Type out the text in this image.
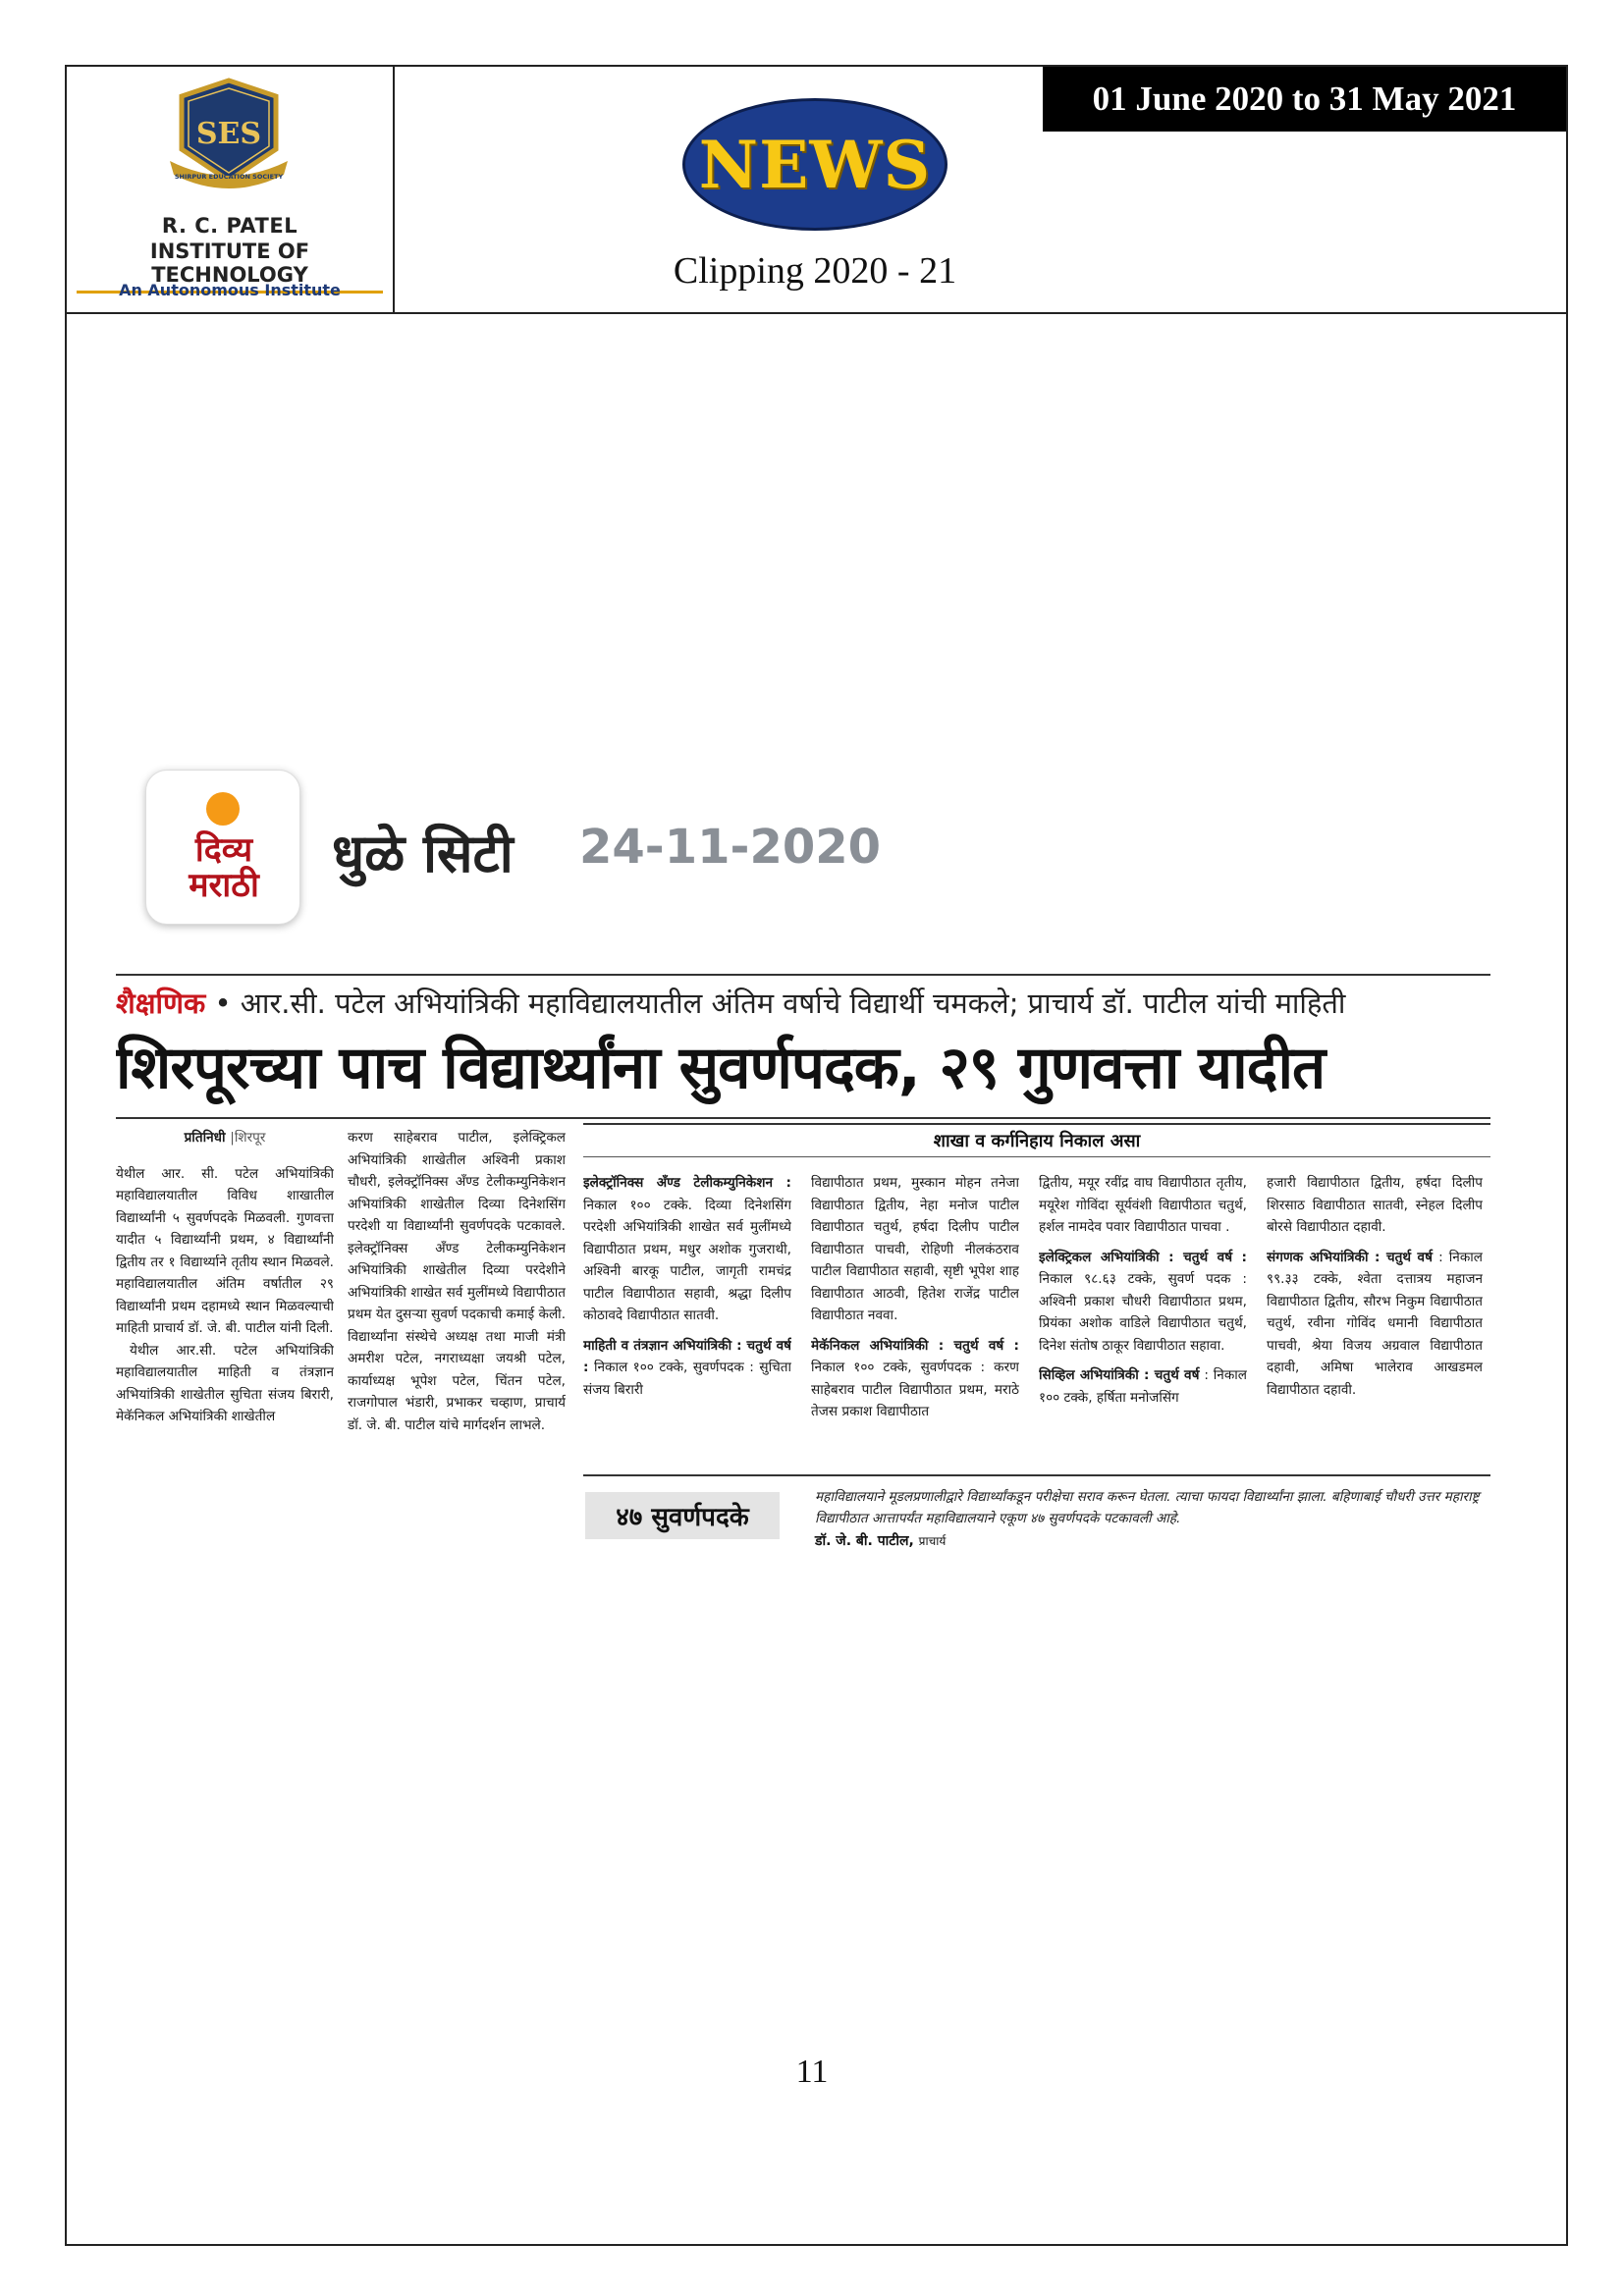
SES
SHIRPUR EDUCATION SOCIETY
R. C. PATEL
INSTITUTE OF TECHNOLOGY
An Autonomous Institute
NEWS
Clipping 2020 - 21
01 June 2020 to 31 May 2021
दिव्य
मराठी
धुळे सिटी 24-11-2020
शैक्षणिक • आर.सी. पटेल अभियांत्रिकी महाविद्यालयातील अंतिम वर्षाचे विद्यार्थी चमकले; प्राचार्य डॉ. पाटील यांची माहिती
शिरपूरच्या पाच विद्यार्थ्यांना सुवर्णपदक, २९ गुणवत्ता यादीत
प्रतिनिधी |शिरपूर

येथील आर. सी. पटेल अभियांत्रिकी महाविद्यालयातील विविध शाखातील विद्यार्थ्यांनी ५ सुवर्णपदके मिळवली. गुणवत्ता यादीत ५ विद्यार्थ्यांनी प्रथम, ४ विद्यार्थ्यांनी द्वितीय तर १ विद्यार्थ्याने तृतीय स्थान मिळवले. महाविद्यालयातील अंतिम वर्षातील २९ विद्यार्थ्यांनी प्रथम दहामध्ये स्थान मिळवल्याची माहिती प्राचार्य डॉ. जे. बी. पाटील यांनी दिली.

येथील आर.सी. पटेल अभियांत्रिकी महाविद्यालयातील माहिती व तंत्रज्ञान अभियांत्रिकी शाखेतील सुचिता संजय बिरारी, मेकॅनिकल अभियांत्रिकी शाखेतील

करण साहेबराव पाटील, इलेक्ट्रिकल अभियांत्रिकी शाखेतील अश्विनी प्रकाश चौधरी, इलेक्ट्रॉनिक्स अँण्ड टेलीकम्युनिकेशन अभियांत्रिकी शाखेतील दिव्या दिनेशसिंग परदेशी या विद्यार्थ्यांनी सुवर्णपदके पटकावले. इलेक्ट्रॉनिक्स अँण्ड टेलीकम्युनिकेशन अभियांत्रिकी शाखेतील दिव्या परदेशीने अभियांत्रिकी शाखेत सर्व मुलींमध्ये विद्यापीठात प्रथम येत दुसऱ्या सुवर्ण पदकाची कमाई केली. विद्यार्थ्यांना संस्थेचे अध्यक्ष तथा माजी मंत्री अमरीश पटेल, नगराध्यक्षा जयश्री पटेल, कार्याध्यक्ष भूपेश पटेल, चिंतन पटेल, राजगोपाल भंडारी, प्रभाकर चव्हाण, प्राचार्य डॉ. जे. बी. पाटील यांचे मार्गदर्शन लाभले.

शाखा व कर्गनिहाय निकाल असा

इलेक्ट्रॉनिक्स अँण्ड टेलीकम्युनिकेशन : निकाल १०० टक्के. दिव्या दिनेशसिंग परदेशी अभियांत्रिकी शाखेत सर्व मुलींमध्ये विद्यापीठात प्रथम, मधुर अशोक गुजराथी, अश्विनी बारकू पाटील, जागृती रामचंद्र पाटील विद्यापीठात सहावी, श्रद्धा दिलीप कोठावदे विद्यापीठात सातवी.

माहिती व तंत्रज्ञान अभियांत्रिकी : चतुर्थ वर्ष : निकाल १०० टक्के, सुवर्णपदक : सुचिता संजय बिरारी

विद्यापीठात प्रथम, मुस्कान मोहन तनेजा विद्यापीठात द्वितीय, नेहा मनोज पाटील विद्यापीठात चतुर्थ, हर्षदा दिलीप पाटील विद्यापीठात पाचवी, रोहिणी नीलकंठराव पाटील विद्यापीठात सहावी, सृष्टी भूपेश शाह विद्यापीठात आठवी, हितेश राजेंद्र पाटील विद्यापीठात नववा.

मेकॅनिकल अभियांत्रिकी : चतुर्थ वर्ष : निकाल १०० टक्के, सुवर्णपदक : करण साहेबराव पाटील विद्यापीठात प्रथम, मराठे तेजस प्रकाश विद्यापीठात

द्वितीय, मयूर रवींद्र वाघ विद्यापीठात तृतीय, मयूरेश गोविंदा सूर्यवंशी विद्यापीठात चतुर्थ, हर्शल नामदेव पवार विद्यापीठात पाचवा .

इलेक्ट्रिकल अभियांत्रिकी : चतुर्थ वर्ष : निकाल ९८.६३ टक्के, सुवर्ण पदक : अश्विनी प्रकाश चौधरी विद्यापीठात प्रथम, प्रियंका अशोक वाडिले विद्यापीठात चतुर्थ, दिनेश संतोष ठाकूर विद्यापीठात सहावा.

सिव्हिल अभियांत्रिकी : चतुर्थ वर्ष : निकाल १०० टक्के, हर्षिता मनोजसिंग

हजारी विद्यापीठात द्वितीय, हर्षदा दिलीप शिरसाठ विद्यापीठात सातवी, स्नेहल दिलीप बोरसे विद्यापीठात दहावी.

संगणक अभियांत्रिकी : चतुर्थ वर्ष : निकाल ९९.३३ टक्के, श्वेता दत्तात्रय महाजन विद्यापीठात द्वितीय, सौरभ निकुम विद्यापीठात चतुर्थ, रवीना गोविंद धमानी विद्यापीठात पाचवी, श्रेया विजय अग्रवाल विद्यापीठात दहावी, अमिषा भालेराव आखडमल विद्यापीठात दहावी.

४७ सुवर्णपदके
महाविद्यालयाने मूडलप्रणालीद्वारे विद्यार्थ्यांकडून परीक्षेचा सराव करून घेतला. त्याचा फायदा विद्यार्थ्यांना झाला. बहिणाबाई चौधरी उत्तर महाराष्ट्र विद्यापीठात आत्तापर्यंत महाविद्यालयाने एकूण ४७ सुवर्णपदके पटकावली आहे.
डॉ. जे. बी. पाटील, प्राचार्य
11
